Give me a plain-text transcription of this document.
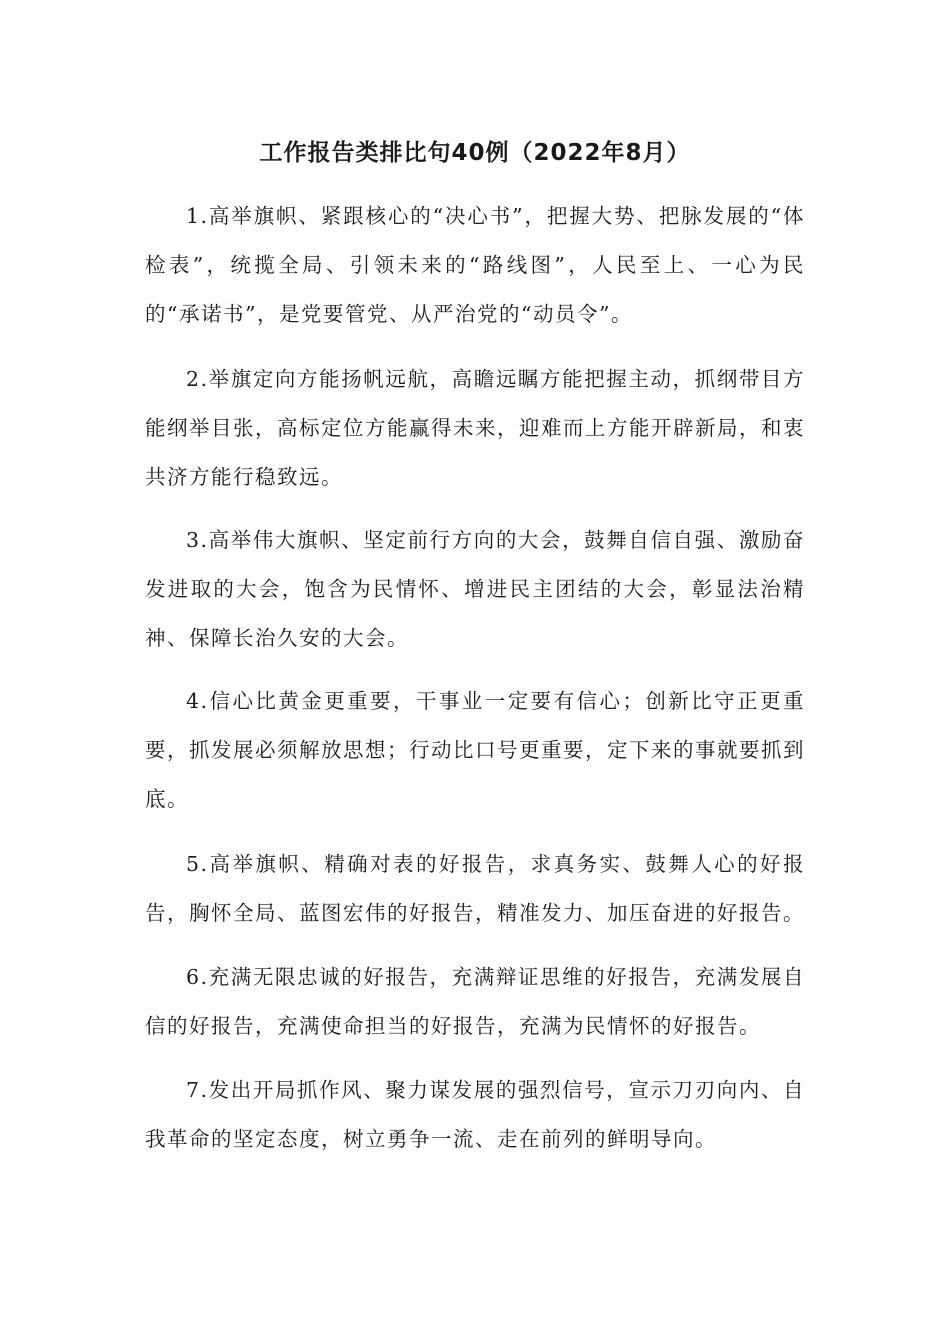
工作报告类排比句40例（2022年8月）

1.高举旗帜、紧跟核心的“决心书”，把握大势、把脉发展的“体检表”，统揽全局、引领未来的“路线图”，人民至上、一心为民的“承诺书”，是党要管党、从严治党的“动员令”。

2.举旗定向方能扬帆远航，高瞻远瞩方能把握主动，抓纲带目方能纲举目张，高标定位方能赢得未来，迎难而上方能开辟新局，和衷共济方能行稳致远。

3.高举伟大旗帜、坚定前行方向的大会，鼓舞自信自强、激励奋发进取的大会，饱含为民情怀、增进民主团结的大会，彰显法治精神、保障长治久安的大会。

4.信心比黄金更重要，干事业一定要有信心；创新比守正更重要，抓发展必须解放思想；行动比口号更重要，定下来的事就要抓到底。

5.高举旗帜、精确对表的好报告，求真务实、鼓舞人心的好报告，胸怀全局、蓝图宏伟的好报告，精准发力、加压奋进的好报告。

6.充满无限忠诚的好报告，充满辩证思维的好报告，充满发展自信的好报告，充满使命担当的好报告，充满为民情怀的好报告。

7.发出开局抓作风、聚力谋发展的强烈信号，宣示刀刃向内、自我革命的坚定态度，树立勇争一流、走在前列的鲜明导向。
